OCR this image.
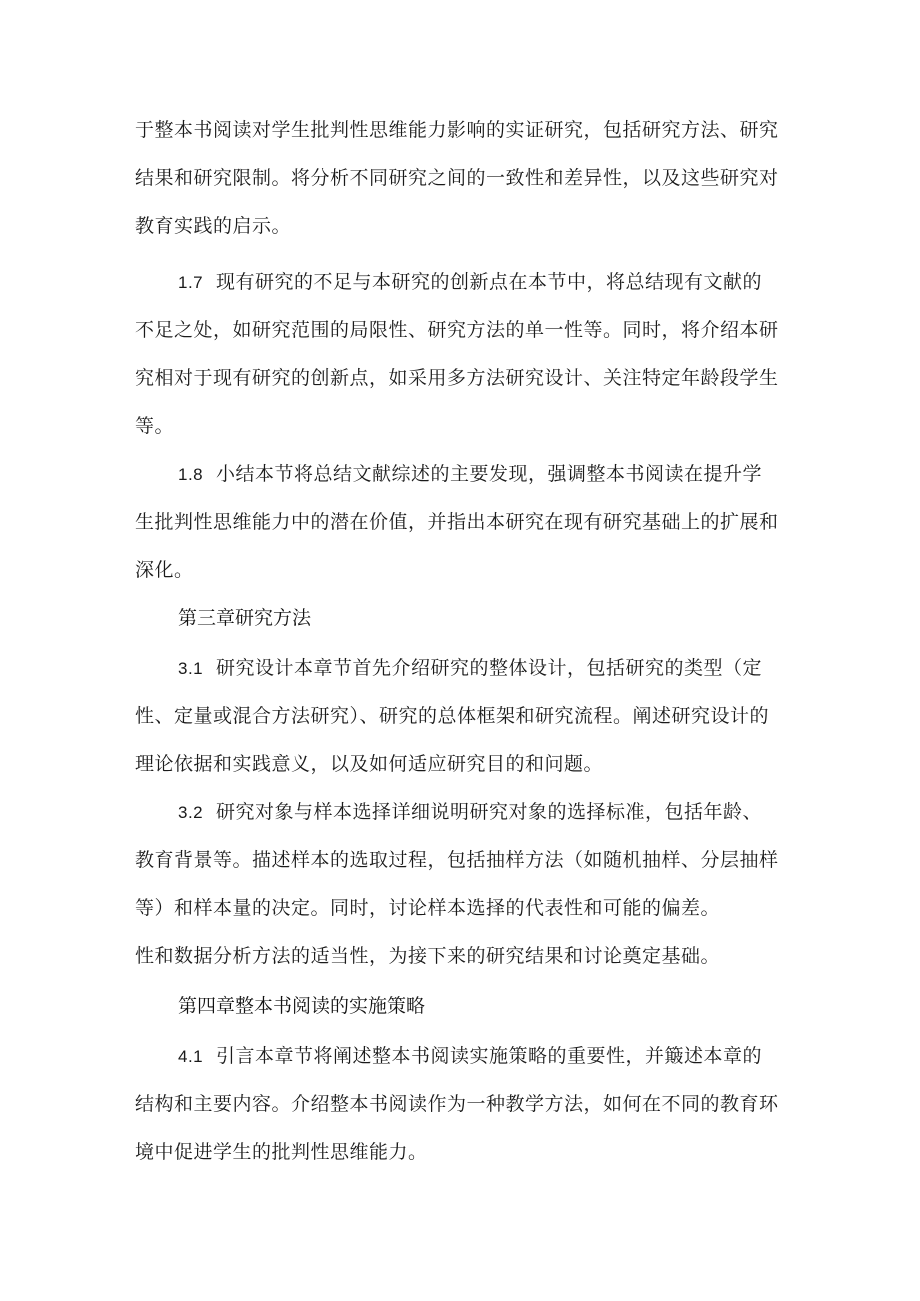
于整本书阅读对学生批判性思维能力影响的实证研究，包括研究方法、研究
结果和研究限制。将分析不同研究之间的一致性和差异性，以及这些研究对
教育实践的启示。
1.7 现有研究的不足与本研究的创新点在本节中，将总结现有文献的
不足之处，如研究范围的局限性、研究方法的单一性等。同时，将介绍本研
究相对于现有研究的创新点，如采用多方法研究设计、关注特定年龄段学生
等。
1.8 小结本节将总结文献综述的主要发现，强调整本书阅读在提升学
生批判性思维能力中的潜在价值，并指出本研究在现有研究基础上的扩展和
深化。
第三章研究方法
3.1 研究设计本章节首先介绍研究的整体设计，包括研究的类型（定
性、定量或混合方法研究）、研究的总体框架和研究流程。阐述研究设计的
理论依据和实践意义，以及如何适应研究目的和问题。
3.2 研究对象与样本选择详细说明研究对象的选择标准，包括年龄、
教育背景等。描述样本的选取过程，包括抽样方法（如随机抽样、分层抽样
等）和样本量的决定。同时，讨论样本选择的代表性和可能的偏差。
性和数据分析方法的适当性，为接下来的研究结果和讨论奠定基础。
第四章整本书阅读的实施策略
4.1 引言本章节将阐述整本书阅读实施策略的重要性，并簸述本章的
结构和主要内容。介绍整本书阅读作为一种教学方法，如何在不同的教育环
境中促进学生的批判性思维能力。
